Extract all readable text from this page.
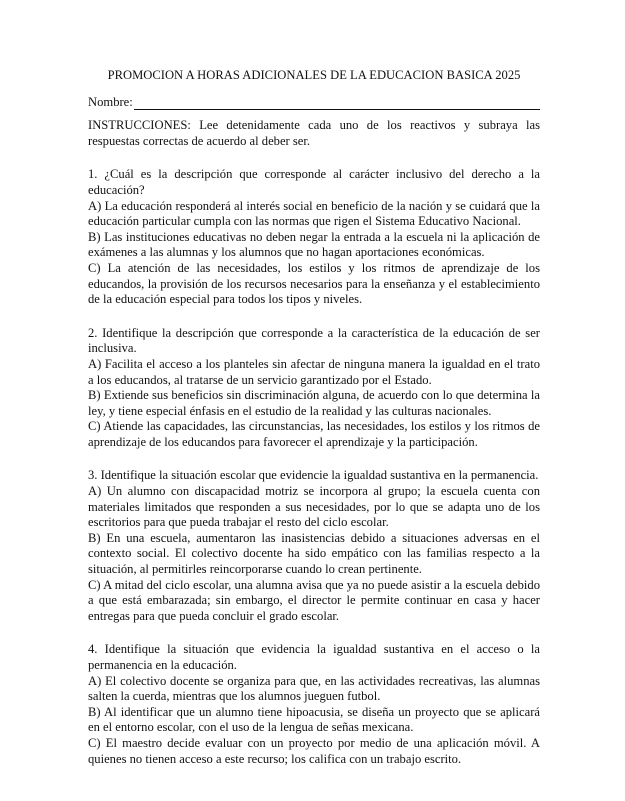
PROMOCION A HORAS ADICIONALES DE LA EDUCACION BASICA 2025

Nombre:

INSTRUCCIONES: Lee detenidamente cada uno de los reactivos y subraya las respuestas correctas de acuerdo al deber ser.

1. ¿Cuál es la descripción que corresponde al carácter inclusivo del derecho a la educación?

A) La educación responderá al interés social en beneficio de la nación y se cuidará que la educación particular cumpla con las normas que rigen el Sistema Educativo Nacional.

B) Las instituciones educativas no deben negar la entrada a la escuela ni la aplicación de exámenes a las alumnas y los alumnos que no hagan aportaciones económicas.

C) La atención de las necesidades, los estilos y los ritmos de aprendizaje de los educandos, la provisión de los recursos necesarios para la enseñanza y el establecimiento de la educación especial para todos los tipos y niveles.

2. Identifique la descripción que corresponde a la característica de la educación de ser inclusiva.

A) Facilita el acceso a los planteles sin afectar de ninguna manera la igualdad en el trato a los educandos, al tratarse de un servicio garantizado por el Estado.

B) Extiende sus beneficios sin discriminación alguna, de acuerdo con lo que determina la ley, y tiene especial énfasis en el estudio de la realidad y las culturas nacionales.

C) Atiende las capacidades, las circunstancias, las necesidades, los estilos y los ritmos de aprendizaje de los educandos para favorecer el aprendizaje y la participación.

3. Identifique la situación escolar que evidencie la igualdad sustantiva en la permanencia.

A) Un alumno con discapacidad motriz se incorpora al grupo; la escuela cuenta con materiales limitados que responden a sus necesidades, por lo que se adapta uno de los escritorios para que pueda trabajar el resto del ciclo escolar.

B) En una escuela, aumentaron las inasistencias debido a situaciones adversas en el contexto social. El colectivo docente ha sido empático con las familias respecto a la situación, al permitirles reincorporarse cuando lo crean pertinente.

C) A mitad del ciclo escolar, una alumna avisa que ya no puede asistir a la escuela debido a que está embarazada; sin embargo, el director le permite continuar en casa y hacer entregas para que pueda concluir el grado escolar.

4. Identifique la situación que evidencia la igualdad sustantiva en el acceso o la permanencia en la educación.

A) El colectivo docente se organiza para que, en las actividades recreativas, las alumnas salten la cuerda, mientras que los alumnos jueguen futbol.

B) Al identificar que un alumno tiene hipoacusia, se diseña un proyecto que se aplicará en el entorno escolar, con el uso de la lengua de señas mexicana.

C) El maestro decide evaluar con un proyecto por medio de una aplicación móvil. A quienes no tienen acceso a este recurso; los califica con un trabajo escrito.
